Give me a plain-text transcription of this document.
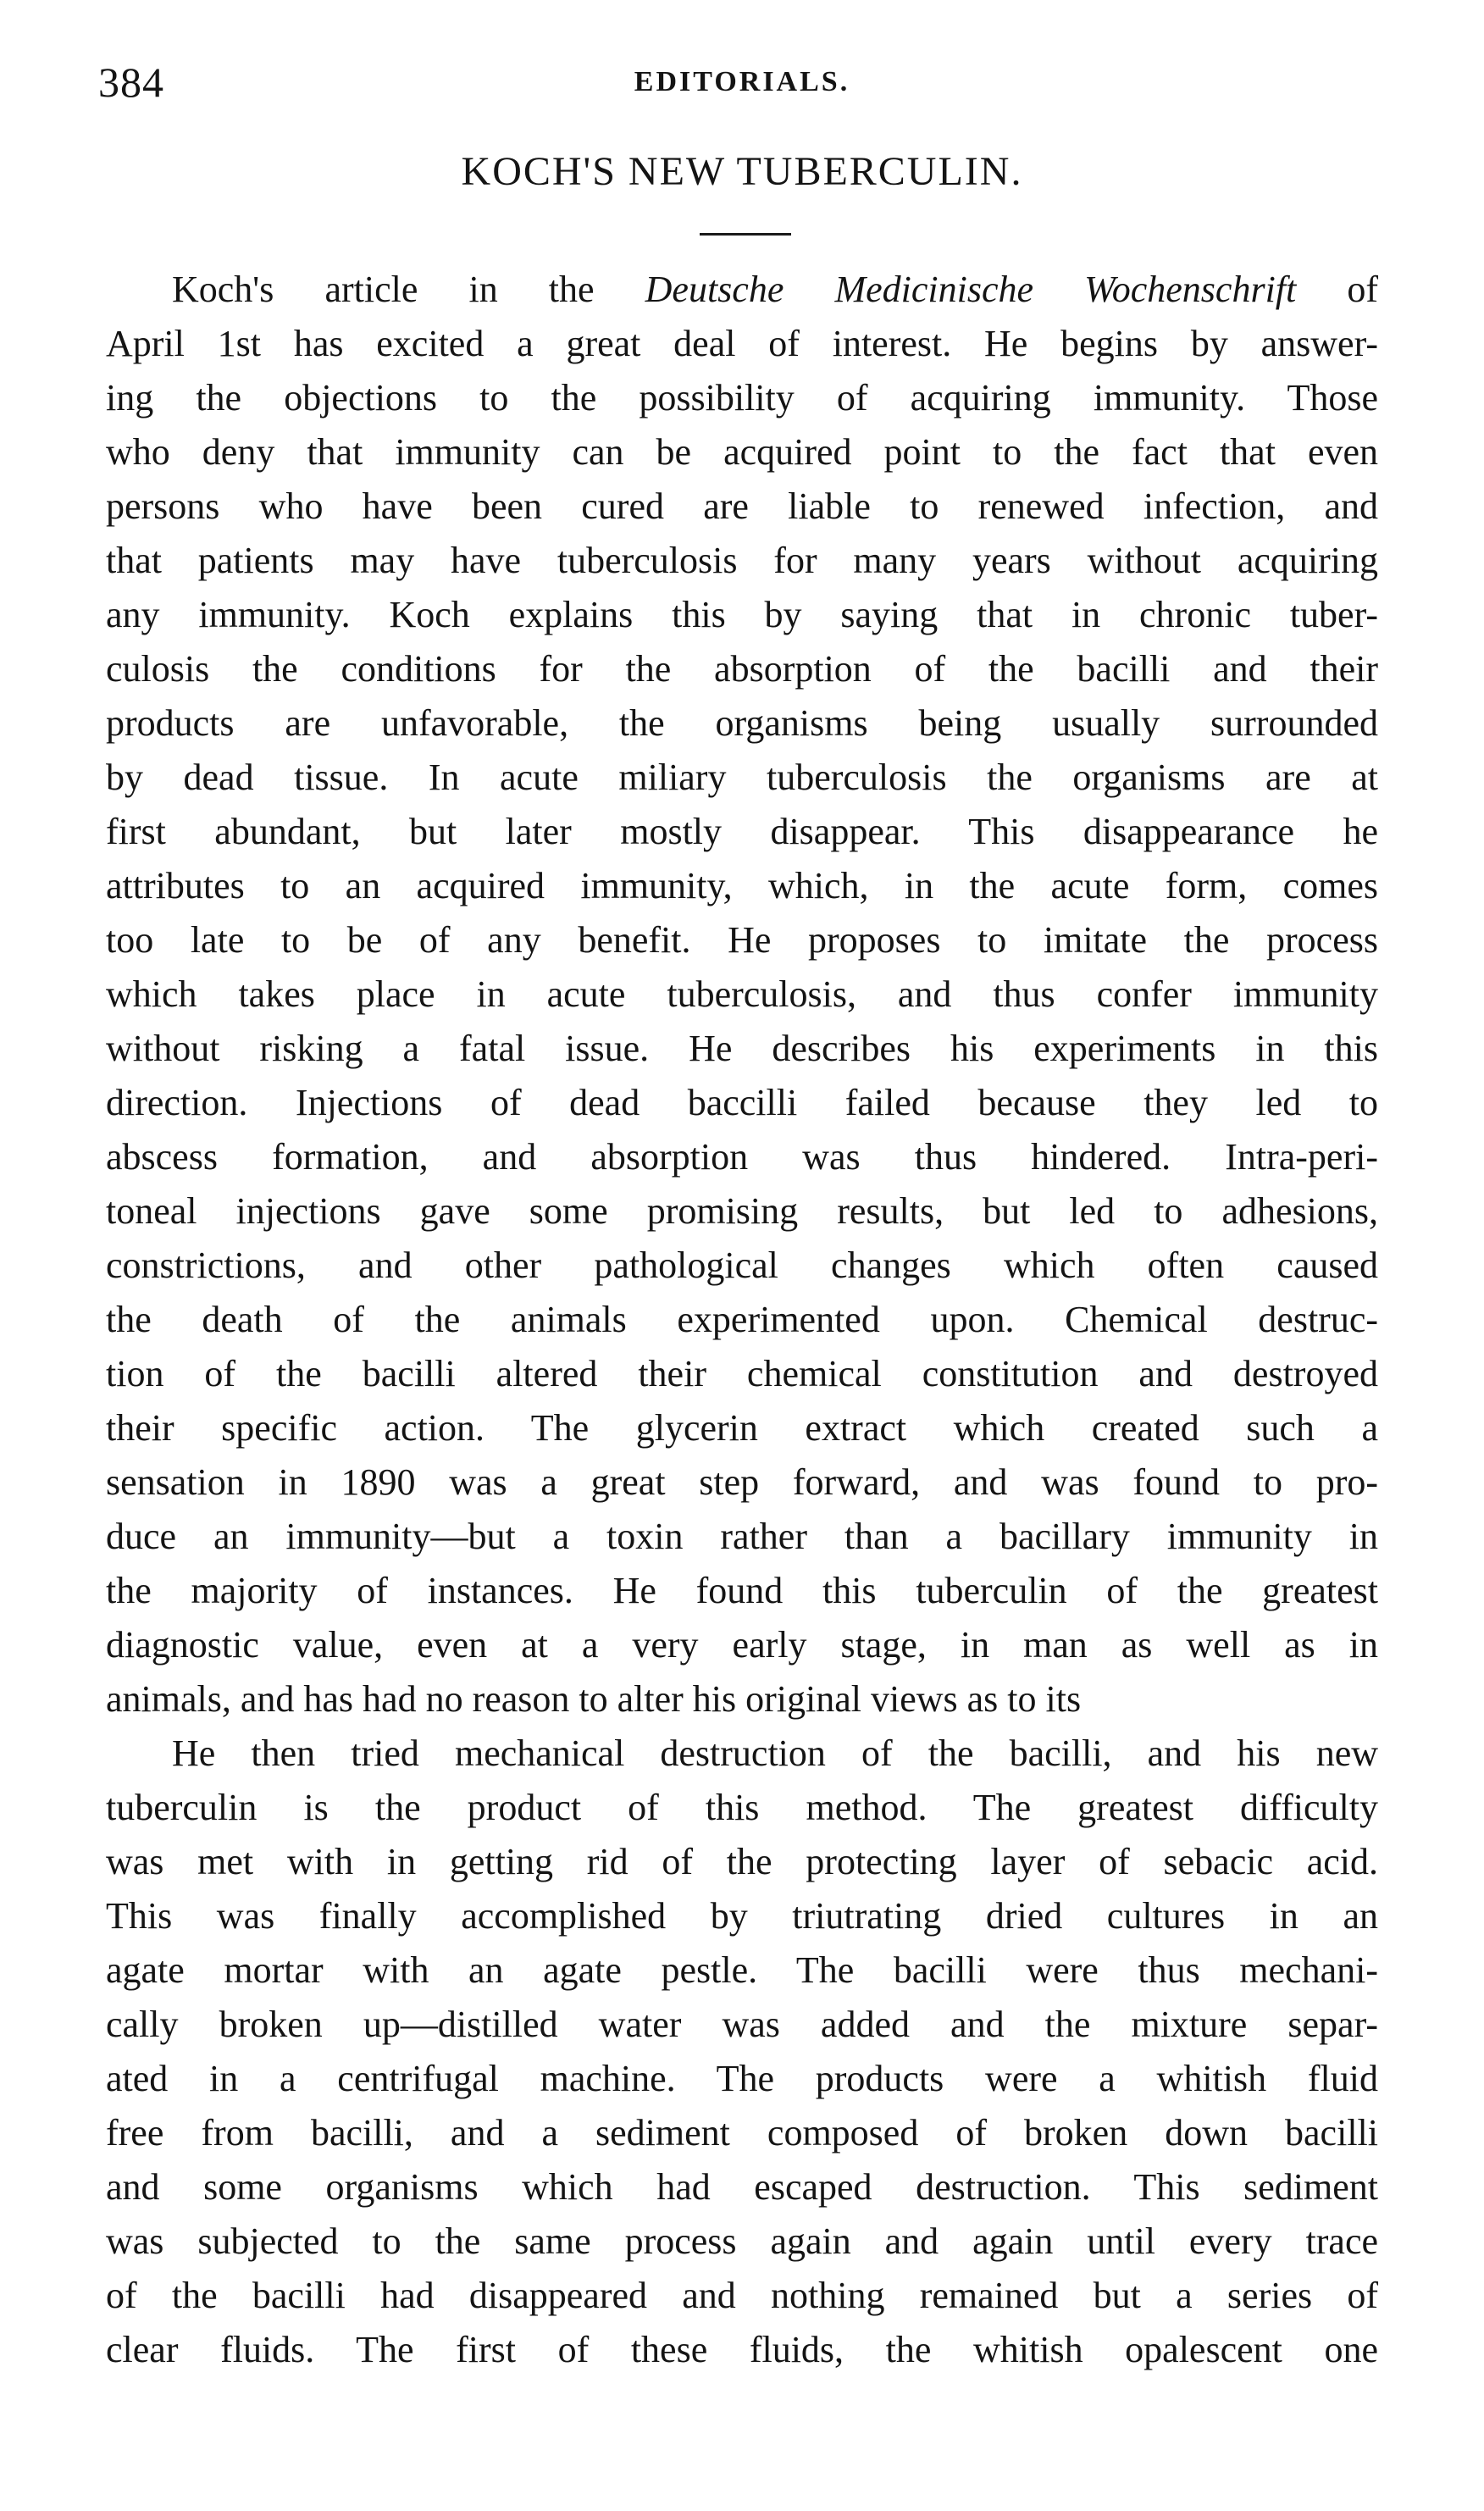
384	EDITORIALS.
KOCH'S NEW TUBERCULIN.
Koch's article in the Deutsche Medicinische Wochenschrift of
April 1st has excited a great deal of interest. He begins by answer-
ing the objections to the possibility of acquiring immunity. Those
who deny that immunity can be acquired point to the fact that even
persons who have been cured are liable to renewed infection, and
that patients may have tuberculosis for many years without acquiring
any immunity. Koch explains this by saying that in chronic tuber-
culosis the conditions for the absorption of the bacilli and their
products are unfavorable, the organisms being usually surrounded
by dead tissue. In acute miliary tuberculosis the organisms are at
first abundant, but later mostly disappear. This disappearance he
attributes to an acquired immunity, which, in the acute form, comes
too late to be of any benefit. He proposes to imitate the process
which takes place in acute tuberculosis, and thus confer immunity
without risking a fatal issue. He describes his experiments in this
direction. Injections of dead baccilli failed because they led to
abscess formation, and absorption was thus hindered. Intra-peri-
toneal injections gave some promising results, but led to adhesions,
constrictions, and other pathological changes which often caused
the death of the animals experimented upon. Chemical destruc-
tion of the bacilli altered their chemical constitution and destroyed
their specific action. The glycerin extract which created such a
sensation in 1890 was a great step forward, and was found to pro-
duce an immunity—but a toxin rather than a bacillary immunity in
the majority of instances. He found this tuberculin of the greatest
diagnostic value, even at a very early stage, in man as well as in
animals, and has had no reason to alter his original views as to its
He then tried mechanical destruction of the bacilli, and his new
tuberculin is the product of this method. The greatest difficulty
was met with in getting rid of the protecting layer of sebacic acid.
This was finally accomplished by triutrating dried cultures in an
agate mortar with an agate pestle. The bacilli were thus mechani-
cally broken up—distilled water was added and the mixture separ-
ated in a centrifugal machine. The products were a whitish fluid
free from bacilli, and a sediment composed of broken down bacilli
and some organisms which had escaped destruction. This sediment
was subjected to the same process again and again until every trace
of the bacilli had disappeared and nothing remained but a series of
clear fluids. The first of these fluids, the whitish opalescent one
